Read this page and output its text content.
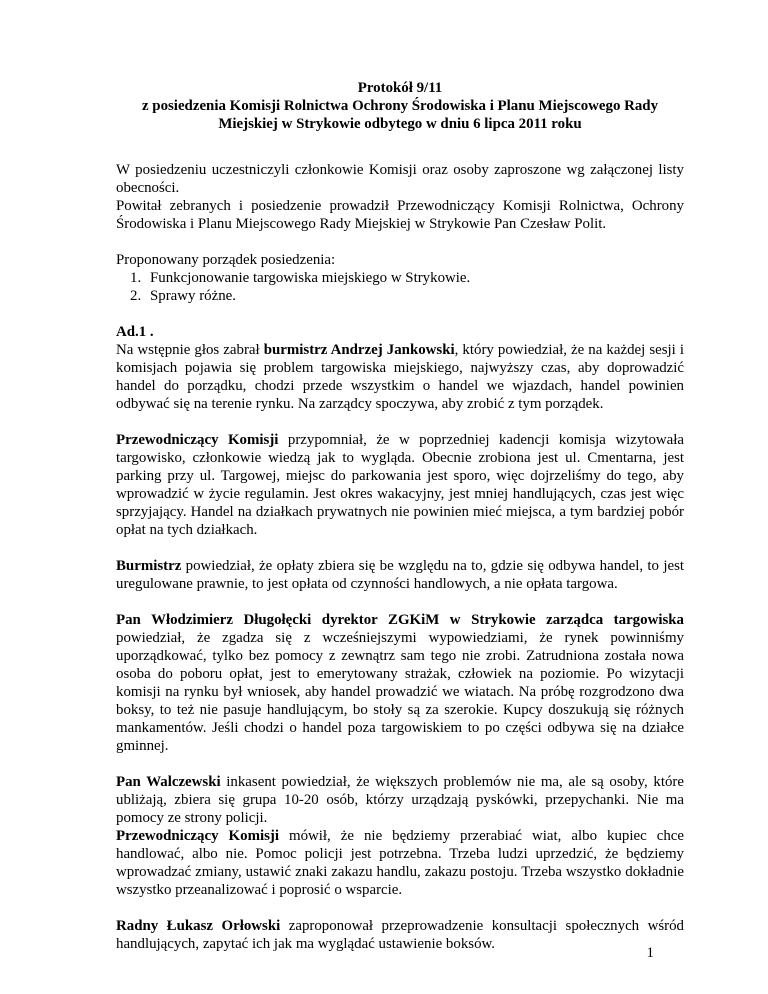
Protokół 9/11
z posiedzenia Komisji Rolnictwa Ochrony Środowiska i Planu Miejscowego Rady
Miejskiej w Strykowie odbytego w dniu 6 lipca 2011 roku

W posiedzeniu uczestniczyli członkowie Komisji oraz osoby zaproszone wg załączonej listy obecności.

Powitał zebranych i posiedzenie prowadził Przewodniczący Komisji Rolnictwa, Ochrony Środowiska i Planu Miejscowego Rady Miejskiej w Strykowie Pan Czesław Polit.

Proponowany porządek posiedzenia:

1. Funkcjonowanie targowiska miejskiego w Strykowie.
2. Sprawy różne.
Ad.1 .

Na wstępnie głos zabrał burmistrz Andrzej Jankowski, który powiedział, że na każdej sesji i komisjach pojawia się problem targowiska miejskiego, najwyższy czas, aby doprowadzić handel do porządku, chodzi przede wszystkim o handel we wjazdach, handel powinien odbywać się na terenie rynku. Na zarządcy spoczywa, aby zrobić z tym porządek.

Przewodniczący Komisji przypomniał, że w poprzedniej kadencji komisja wizytowała targowisko, członkowie wiedzą jak to wygląda. Obecnie zrobiona jest ul. Cmentarna, jest parking przy ul. Targowej, miejsc do parkowania jest sporo, więc dojrzeliśmy do tego, aby wprowadzić w życie regulamin. Jest okres wakacyjny, jest mniej handlujących, czas jest więc sprzyjający. Handel na działkach prywatnych nie powinien mieć miejsca, a tym bardziej pobór opłat na tych działkach.

Burmistrz powiedział, że opłaty zbiera się be względu na to, gdzie się odbywa handel, to jest uregulowane prawnie, to jest opłata od czynności handlowych, a nie opłata targowa.

Pan Włodzimierz Długołęcki dyrektor ZGKiM w Strykowie zarządca targowiska powiedział, że zgadza się z wcześniejszymi wypowiedziami, że rynek powinniśmy uporządkować, tylko bez pomocy z zewnątrz sam tego nie zrobi. Zatrudniona została nowa osoba do poboru opłat, jest to emerytowany strażak, człowiek na poziomie. Po wizytacji komisji na rynku był wniosek, aby handel prowadzić we wiatach. Na próbę rozgrodzono dwa boksy, to też nie pasuje handlującym, bo stoły są za szerokie. Kupcy doszukują się różnych mankamentów. Jeśli chodzi o handel poza targowiskiem to po części odbywa się na działce gminnej.

Pan Walczewski inkasent powiedział, że większych problemów nie ma, ale są osoby, które ubliżają, zbiera się grupa 10-20 osób, którzy urządzają pyskówki, przepychanki. Nie ma pomocy ze strony policji.

Przewodniczący Komisji mówił, że nie będziemy przerabiać wiat, albo kupiec chce handlować, albo nie. Pomoc policji jest potrzebna. Trzeba ludzi uprzedzić, że będziemy wprowadzać zmiany, ustawić znaki zakazu handlu, zakazu postoju. Trzeba wszystko dokładnie wszystko przeanalizować i poprosić o wsparcie.

Radny Łukasz Orłowski zaproponował przeprowadzenie konsultacji społecznych wśród handlujących, zapytać ich jak ma wyglądać ustawienie boksów.

1
